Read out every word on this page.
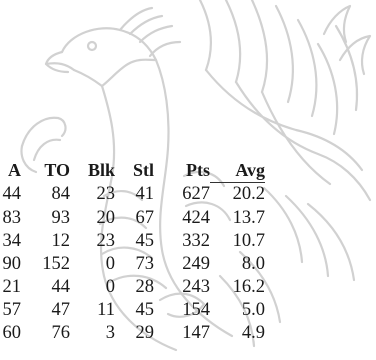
A	TO	Blk	Stl	Pts	Avg	
44	84	23	41	627	20.2	
83	93	20	67	424	13.7	
34	12	23	45	332	10.7	
90	152	0	73	249	8.0	
21	44	0	28	243	16.2	
57	47	11	45	154	5.0	
60	76	3	29	147	4.9	
